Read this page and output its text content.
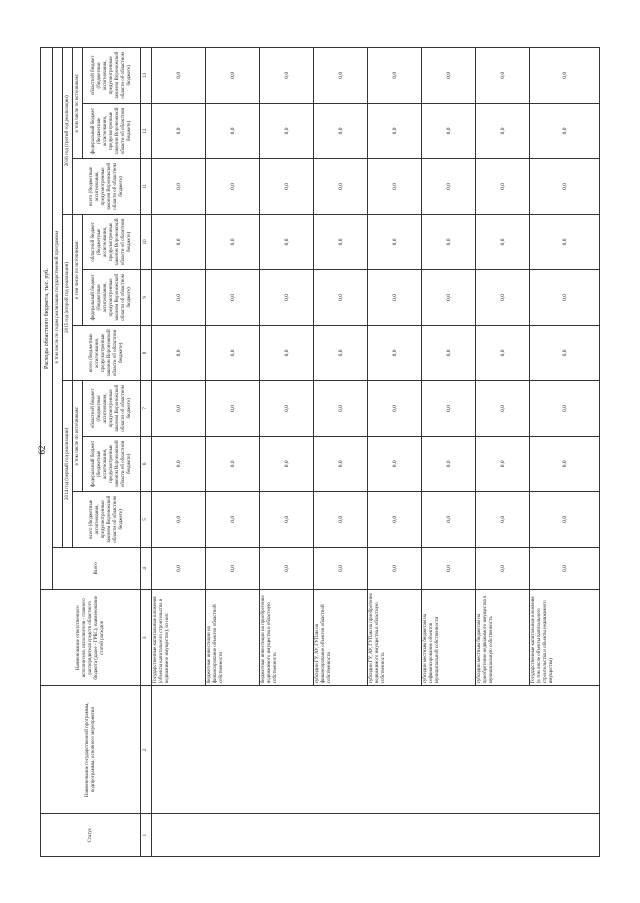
62
Статус	Наименование государственной программы, подпрограммы, основного мероприятия	Наименование ответственного исполнителя, исполнителя - главного распорядителя средств областного бюджета (далее - ГРБС), наименование статей расходов	Расходы областного бюджета, тыс. руб.									
			Всего	в том числе по годам реализации государственной программы								
				2014 год (первый год реализации)			2015 год (второй год реализации)			2016 год (третий год реализации)		
				всего (бюджетные ассигнования, предусмотренные законом Воронежской области об областном бюджете)	в том числе по источникам:		всего (бюджетные ассигнования, предусмотренные законом Воронежской области об областном бюджете)	в том числе по источникам:		всего (бюджетные ассигнования, предусмотренные законом Воронежской области об областном бюджете)	в том числе по источникам:	
					федеральный бюджет (бюджетные ассигнования, предусмотренные законом Воронежской области об областном бюджете)	областной бюджет (бюджетные ассигнования, предусмотренные законом Воронежской области об областном бюджете)		федеральный бюджет (бюджетные ассигнования, предусмотренные законом Воронежской области об областном бюджете)	областной бюджет (бюджетные ассигнования, предусмотренные законом Воронежской области об областном бюджете)		федеральный бюджет (бюджетные ассигнования, предусмотренные законом Воронежской области об областном бюджете)	областной бюджет (бюджетные ассигнования, предусмотренные законом Воронежской области об областном бюджете)
1	2	3	4	5	6	7	8	9	10	11	12	13
		Государственные капитальные вложения (объекты капитального строительства и недвижимое имущество), из них:	0,0	0,0	0,0	0,0	0,0	0,0	0,0	0,0	0,0	0,0
		бюджетные инвестиции на финансирование объектов областной собственности	0,0	0,0	0,0	0,0	0,0	0,0	0,0	0,0	0,0	0,0
		бюджетные инвестиции на приобретение недвижимого имущества в областную собственность	0,0	0,0	0,0	0,0	0,0	0,0	0,0	0,0	0,0	0,0
		субсидии ГУ, АУ, ГУПам на финансирование объектов областной собственности	0,0	0,0	0,0	0,0	0,0	0,0	0,0	0,0	0,0	0,0
		субсидии ГУ, АУ, ГУПам на приобретение недвижимого имущества в областную собственность	0,0	0,0	0,0	0,0	0,0	0,0	0,0	0,0	0,0	0,0
		субсидии местным бюджетам на софинансирование объектов муниципальной собственности	0,0	0,0	0,0	0,0	0,0	0,0	0,0	0,0	0,0	0,0
		субсидии местным бюджетам на приобретение недвижимого имущества в муниципальную собственность	0,0	0,0	0,0	0,0	0,0	0,0	0,0	0,0	0,0	0,0
		Государственные капитальные вложения (в том числе объекты капитального строительства и объекты недвижимого имущества)	0,0	0,0	0,0	0,0	0,0	0,0	0,0	0,0	0,0	0,0
